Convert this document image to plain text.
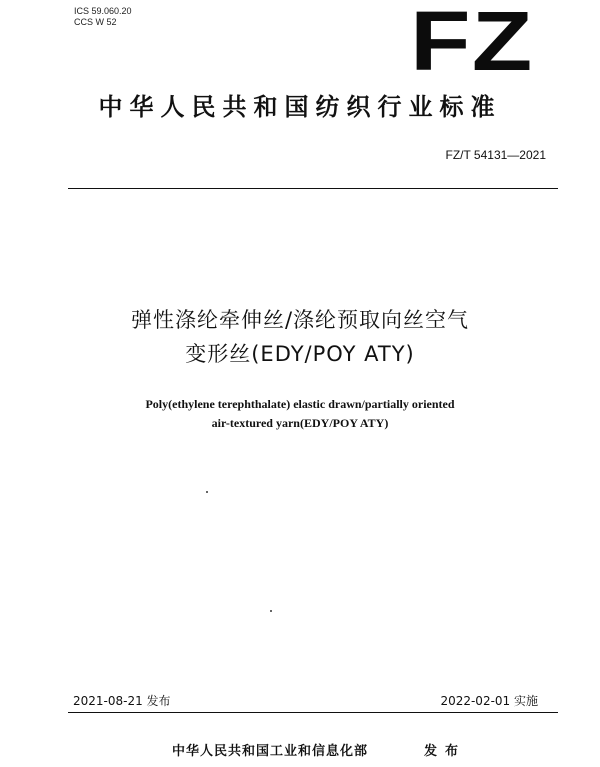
ICS 59.060.20
CCS W 52	FZ
中华人民共和国纺织行业标准
FZ/T 54131—2021
弹性涤纶牵伸丝/涤纶预取向丝空气
变形丝(EDY/POY ATY)
Poly(ethylene terephthalate) elastic drawn/partially oriented
air-textured yarn(EDY/POY ATY)
2021-08-21 发布	2022-02-01 实施
中华人民共和国工业和信息化部	发布
